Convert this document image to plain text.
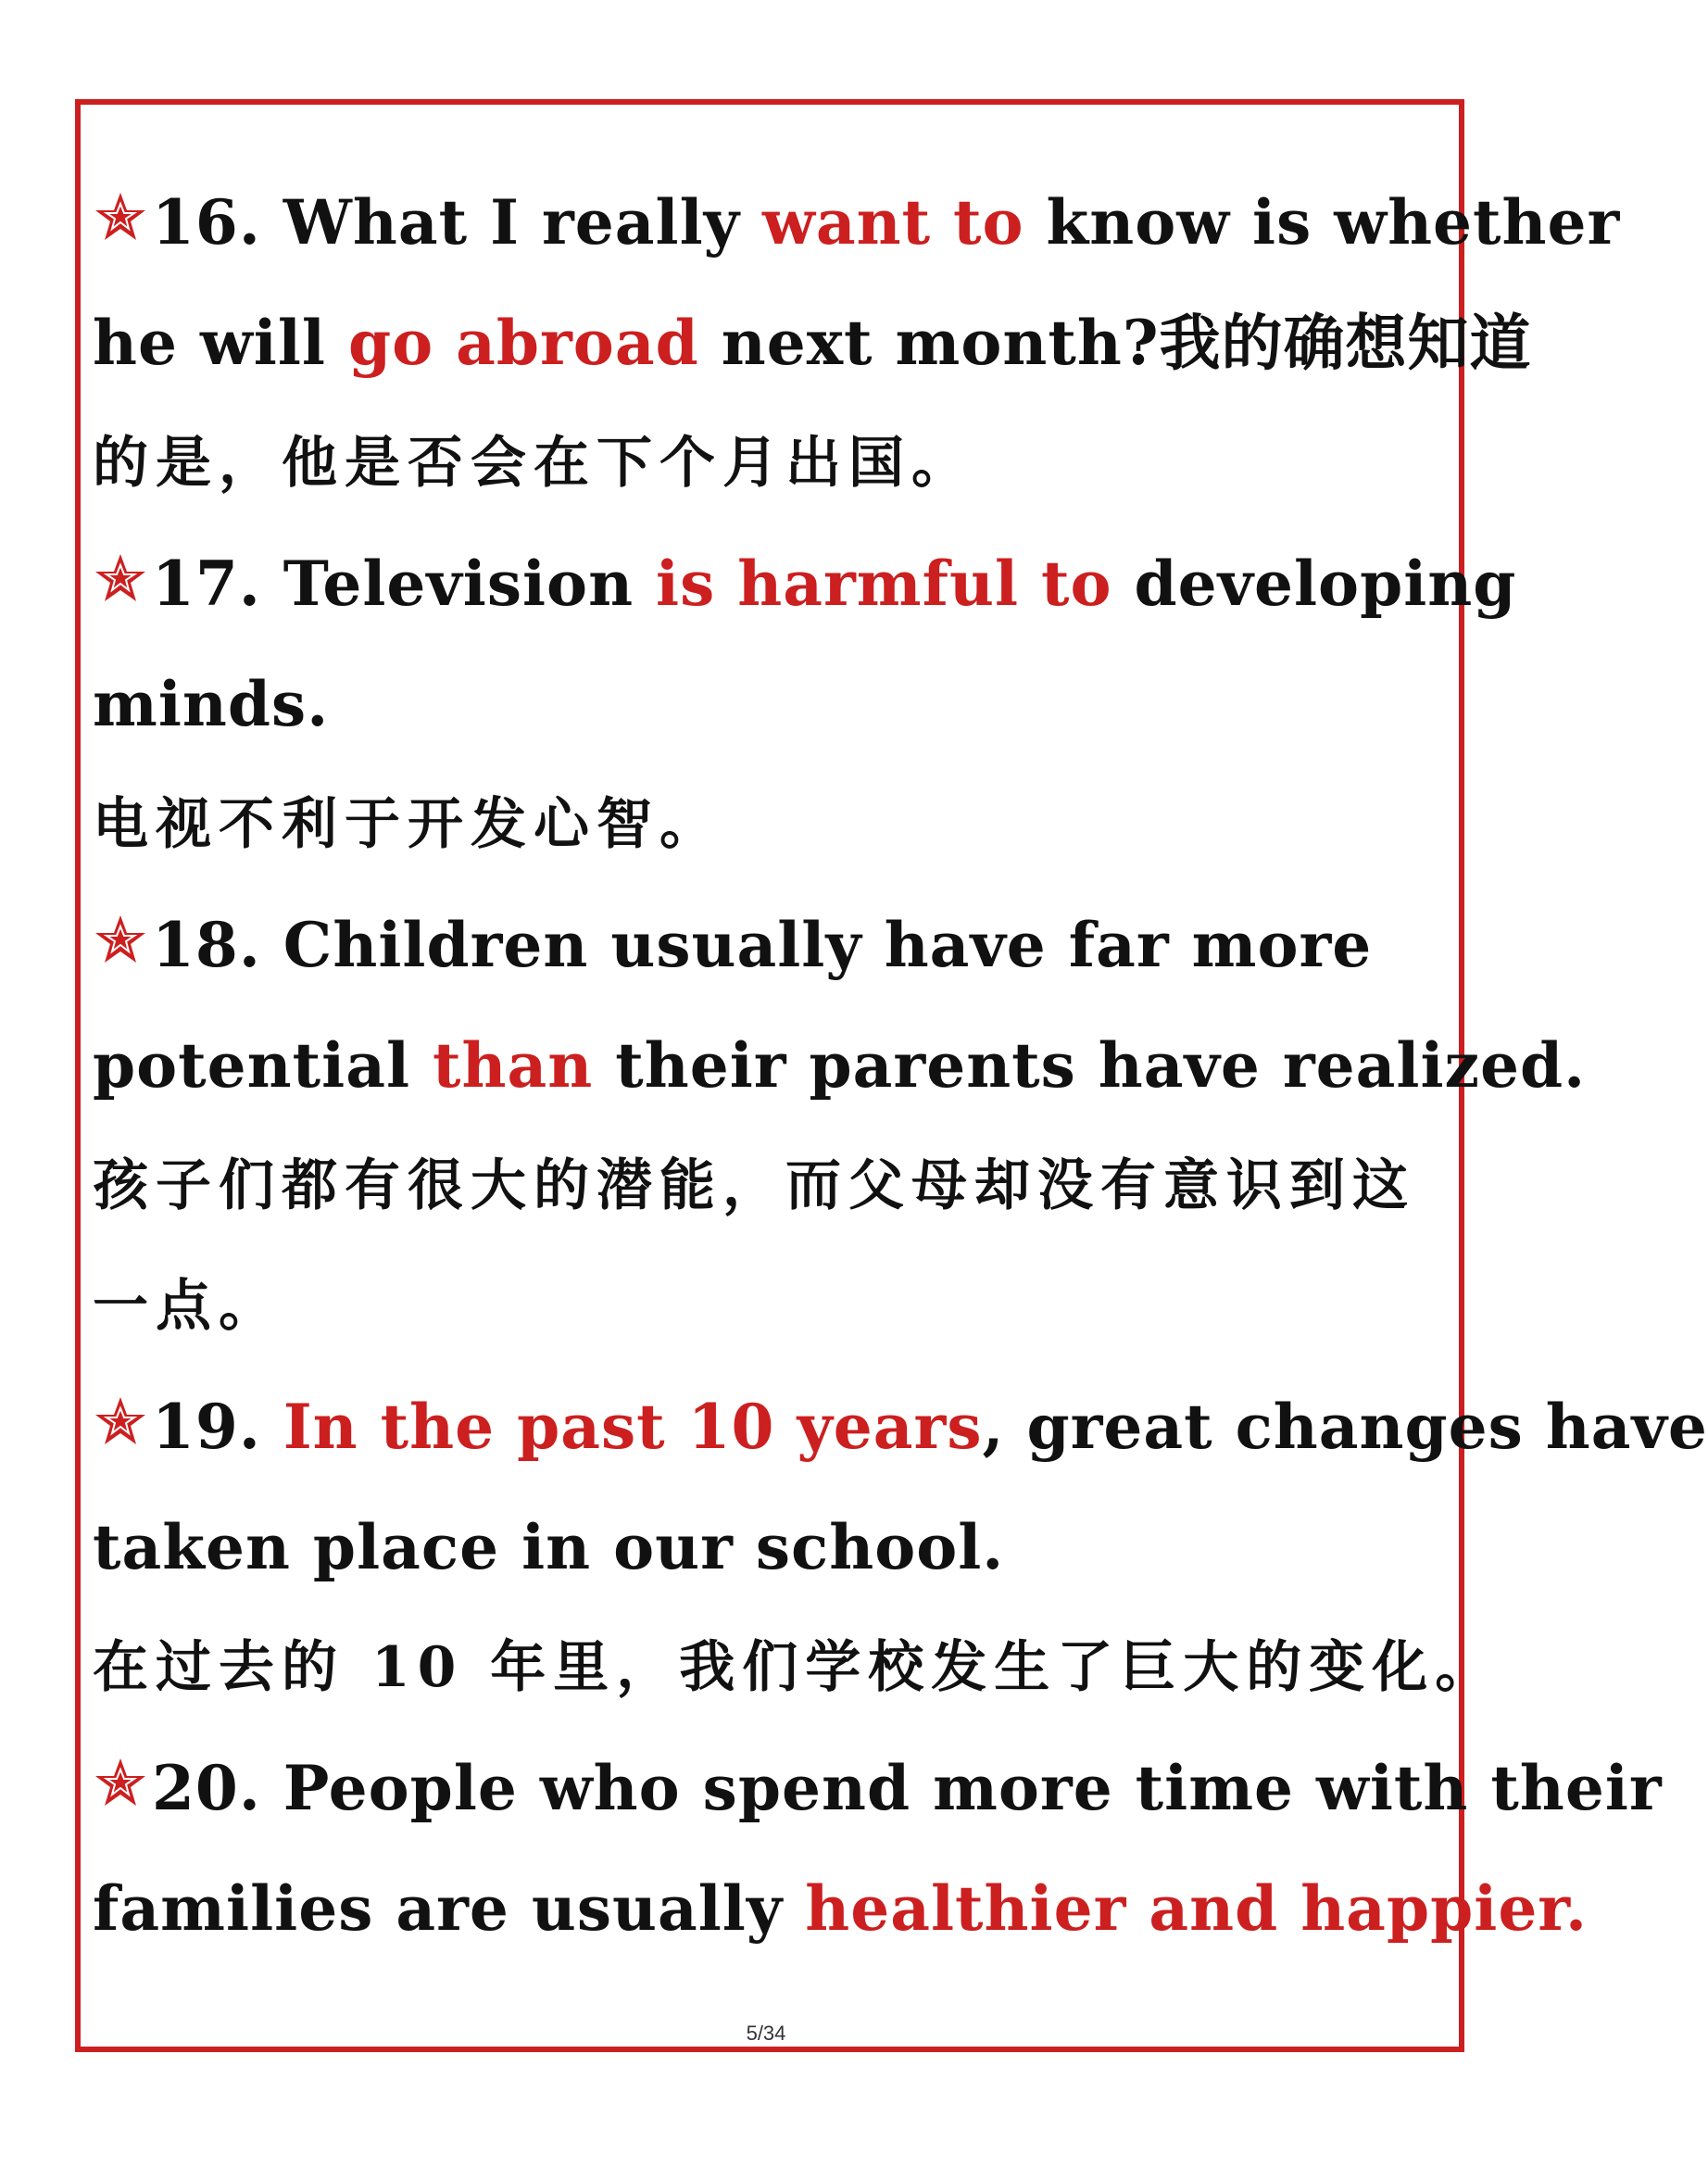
16. What I really want to know is whether
he will go abroad next month?我的确想知道
的是，他是否会在下个月出国。
17. Television is harmful to developing
minds.
电视不利于开发心智。
18. Children usually have far more
potential than their parents have realized.
孩子们都有很大的潜能，而父母却没有意识到这
一点。
19. In the past 10 years, great changes have
taken place in our school.
在过去的 10 年里，我们学校发生了巨大的变化。
20. People who spend more time with their
families are usually healthier and happier.
5/34
